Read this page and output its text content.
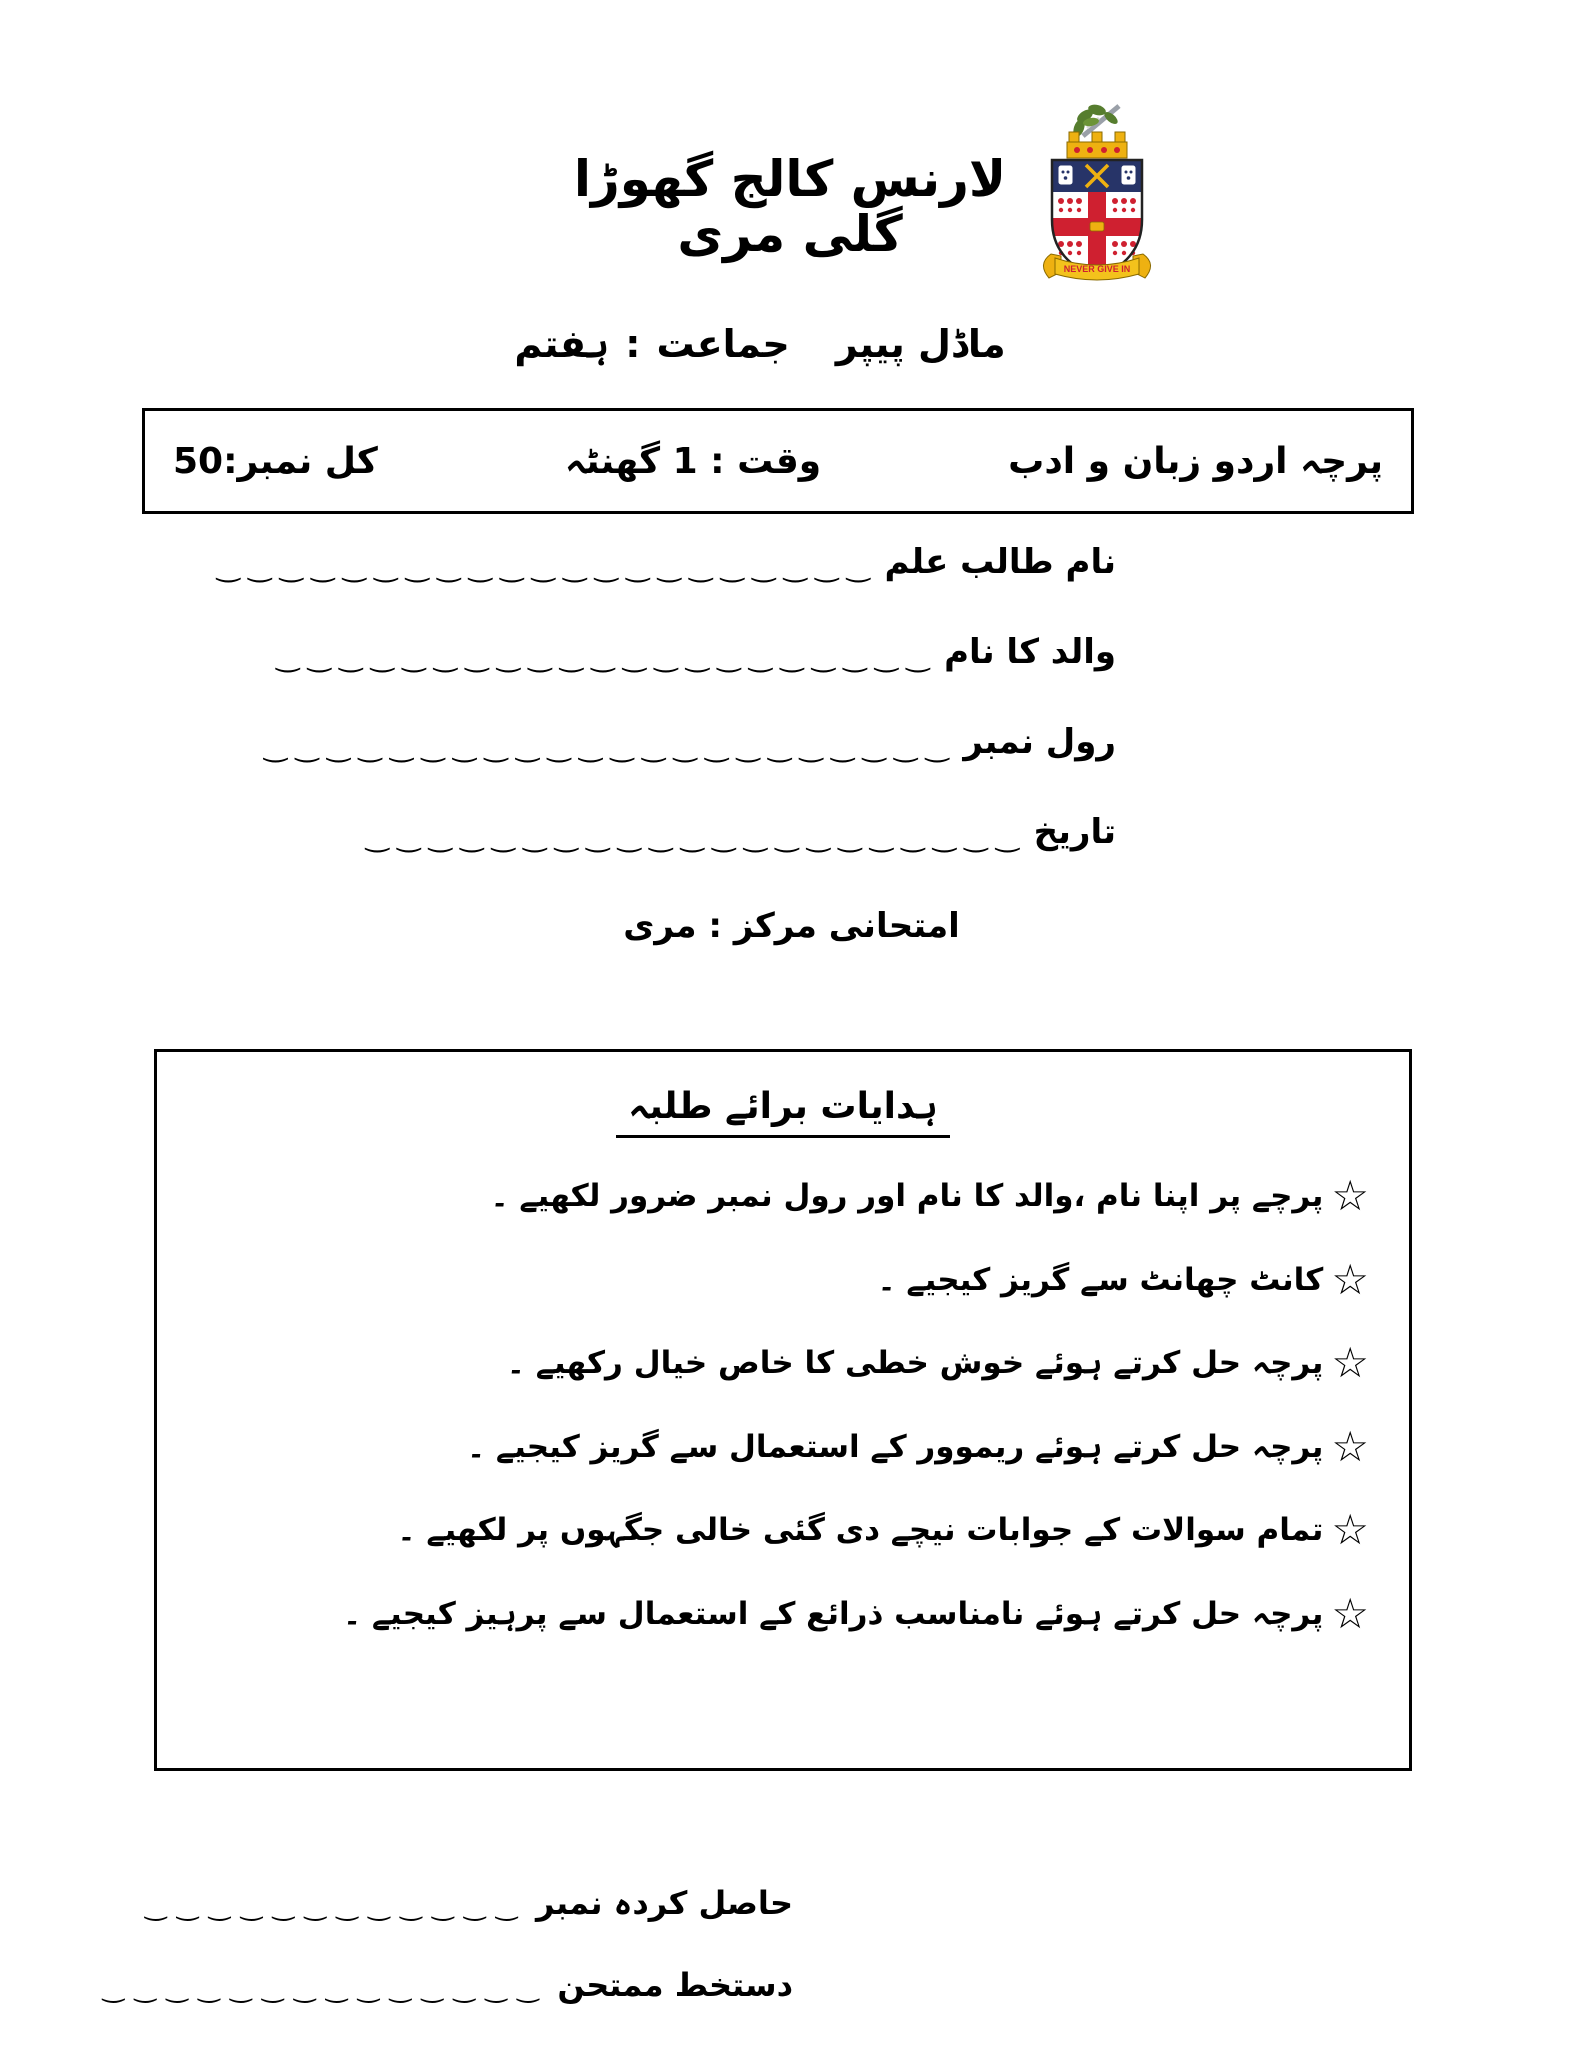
NEVER GIVE IN
لارنس کالج گھوڑا گلی مری
ماڈل پیپر
جماعت
:
ہفتم
پرچہ اردو زبان و ادب
وقت : 1 گھنٹہ
کل نمبر:50
نام طالب علم
‿‿‿‿‿‿‿‿‿‿‿‿‿‿‿‿‿‿‿‿‿
والد کا نام
‿‿‿‿‿‿‿‿‿‿‿‿‿‿‿‿‿‿‿‿‿
رول نمبر
‿‿‿‿‿‿‿‿‿‿‿‿‿‿‿‿‿‿‿‿‿‿
تاریخ
‿‿‿‿‿‿‿‿‿‿‿‿‿‿‿‿‿‿‿‿‿
امتحانی مرکز : مری
ہدایات برائے طلبہ
☆
پرچے پر اپنا نام ،والد کا نام اور رول نمبر ضرور لکھیے ۔
☆
کانٹ چھانٹ سے گریز کیجیے ۔
☆
پرچہ حل کرتے ہوئے خوش خطی کا خاص خیال رکھیے ۔
☆
پرچہ حل کرتے ہوئے ریموور کے استعمال سے گریز کیجیے ۔
☆
تمام سوالات کے جوابات نیچے دی گئی خالی جگہوں پر لکھیے ۔
☆
پرچہ حل کرتے ہوئے نامناسب ذرائع کے استعمال سے پرہیز کیجیے ۔
حاصل کردہ نمبر
‿‿‿‿‿‿‿‿‿‿‿‿
دستخط ممتحن
‿‿‿‿‿‿‿‿‿‿‿‿‿‿
